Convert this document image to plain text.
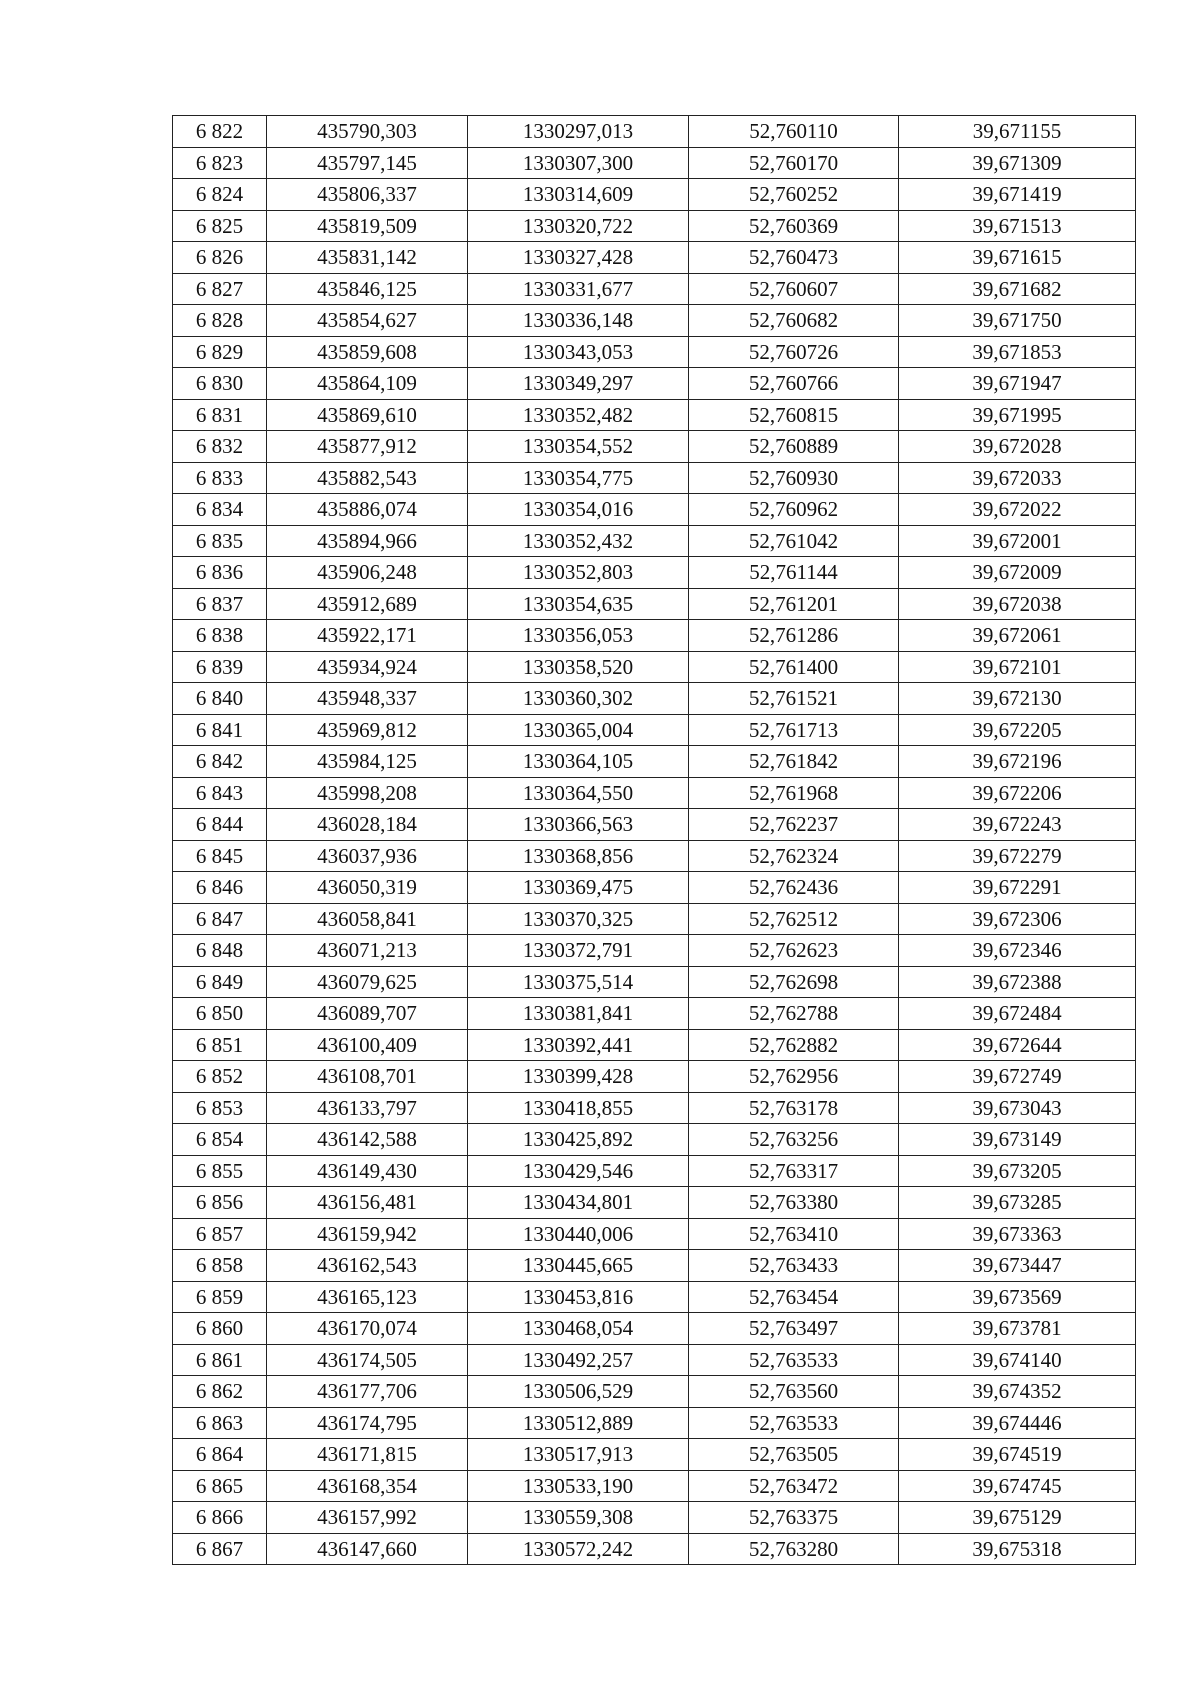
6 822	435790,303	1330297,013	52,760110	39,671155
6 823	435797,145	1330307,300	52,760170	39,671309
6 824	435806,337	1330314,609	52,760252	39,671419
6 825	435819,509	1330320,722	52,760369	39,671513
6 826	435831,142	1330327,428	52,760473	39,671615
6 827	435846,125	1330331,677	52,760607	39,671682
6 828	435854,627	1330336,148	52,760682	39,671750
6 829	435859,608	1330343,053	52,760726	39,671853
6 830	435864,109	1330349,297	52,760766	39,671947
6 831	435869,610	1330352,482	52,760815	39,671995
6 832	435877,912	1330354,552	52,760889	39,672028
6 833	435882,543	1330354,775	52,760930	39,672033
6 834	435886,074	1330354,016	52,760962	39,672022
6 835	435894,966	1330352,432	52,761042	39,672001
6 836	435906,248	1330352,803	52,761144	39,672009
6 837	435912,689	1330354,635	52,761201	39,672038
6 838	435922,171	1330356,053	52,761286	39,672061
6 839	435934,924	1330358,520	52,761400	39,672101
6 840	435948,337	1330360,302	52,761521	39,672130
6 841	435969,812	1330365,004	52,761713	39,672205
6 842	435984,125	1330364,105	52,761842	39,672196
6 843	435998,208	1330364,550	52,761968	39,672206
6 844	436028,184	1330366,563	52,762237	39,672243
6 845	436037,936	1330368,856	52,762324	39,672279
6 846	436050,319	1330369,475	52,762436	39,672291
6 847	436058,841	1330370,325	52,762512	39,672306
6 848	436071,213	1330372,791	52,762623	39,672346
6 849	436079,625	1330375,514	52,762698	39,672388
6 850	436089,707	1330381,841	52,762788	39,672484
6 851	436100,409	1330392,441	52,762882	39,672644
6 852	436108,701	1330399,428	52,762956	39,672749
6 853	436133,797	1330418,855	52,763178	39,673043
6 854	436142,588	1330425,892	52,763256	39,673149
6 855	436149,430	1330429,546	52,763317	39,673205
6 856	436156,481	1330434,801	52,763380	39,673285
6 857	436159,942	1330440,006	52,763410	39,673363
6 858	436162,543	1330445,665	52,763433	39,673447
6 859	436165,123	1330453,816	52,763454	39,673569
6 860	436170,074	1330468,054	52,763497	39,673781
6 861	436174,505	1330492,257	52,763533	39,674140
6 862	436177,706	1330506,529	52,763560	39,674352
6 863	436174,795	1330512,889	52,763533	39,674446
6 864	436171,815	1330517,913	52,763505	39,674519
6 865	436168,354	1330533,190	52,763472	39,674745
6 866	436157,992	1330559,308	52,763375	39,675129
6 867	436147,660	1330572,242	52,763280	39,675318
